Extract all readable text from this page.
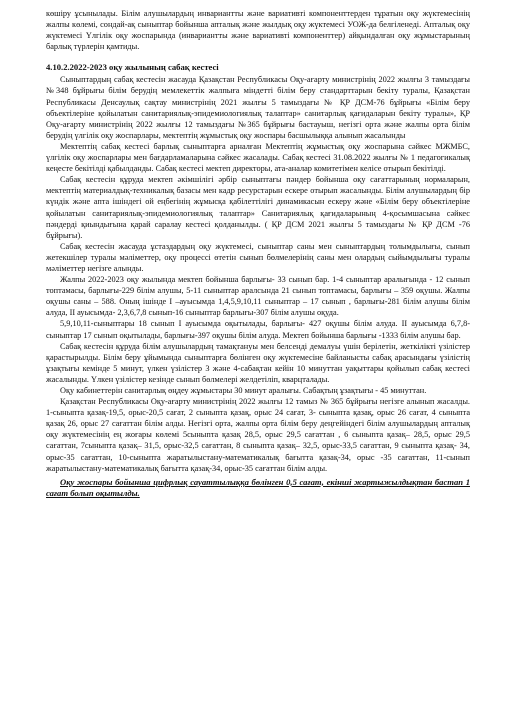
көшіру ұсынылады. Білім алушылардың инвариантты және вариативті компоненттерден тұратын оқу жүктемесінің жалпы көлемі, сондай-ақ сыныптар бойынша апталық және жылдық оқу жүктемесі УОЖ-да белгіленеді. Апталық оқу жүктемесі Үлгілік оқу жоспарында (инвариантты және вариативті компоненттер) айқындалған оқу жұмыстарының барлық түрлерін қамтиды.

4.10.2.2022-2023 оқу жылының сабақ кестесі

Сыныптардың сабақ кестесін жасауда Қазақстан Республикасы Оқу-ағарту министрінің 2022 жылғы 3 тамыздағы №348 бұйрығы білім берудің мемлекеттік жалпыға міндетті білім беру стандарттарын бекіту туралы, Қазақстан Республикасы Денсаулық сақтау министрінің 2021 жылғы 5 тамыздағы № ҚР ДСМ-76 бұйрығы «Білім беру объектілеріне қойылатын санитариялық-эпидемиологиялық талаптар» санитарлық қағидаларын бекіту туралы», ҚР Оқу-ағарту министрінің 2022 жылғы 12 тамыздағы №365 бұйрығы бастауыш, негізгі орта және жалпы орта білім берудің үлгілік оқу жоспарлары, мектептің жұмыстық оқу жоспары басшылыққа алынып жасалынды

Мектептің сабақ кестесі барлық сыныптарға арналған Мектептің жұмыстық оқу жоспарына сәйкес МЖМБС, үлгілік оқу жоспарлары мен бағдарламаларына сәйкес жасалады. Сабақ кестесі 31.08.2022 жылғы № 1 педагогикалық кеңесте бекітілді қабылданды. Сабақ кестесі мектеп директоры, ата-аналар комитетімен келісе отырып бекітілді.

Сабақ кестесін құруда мектеп әкімшілігі әрбір сыныптағы пәндер бойынша оқу сағаттарының нормаларын, мектептің материалдық-техникалық базасы мен кадр ресурстарын ескере отырып жасалынды. Білім алушылардың бір күндік және апта ішіндегі ой еңбегінің жұмысқа қабілеттілігі динамикасын ескеру және «Білім беру объектілеріне қойылатын санитариялық-эпидемиологиялық талаптар» Санитариялық қағидаларының 4-қосымшасына сәйкес пәндерді қиындығына қарай саралау кестесі қолданылды. ( ҚР ДСМ 2021 жылғы 5 тамыздағы № ҚР ДСМ -76 бұйрығы).

Сабақ кестесін жасауда ұстаздардың оқу жүктемесі, сыныптар саны мен сыныптардың толымдылығы, сынып жетекшілер туралы мәліметтер, оқу процессі өтетін сынып бөлмелерінің саны мен олардың сыйымдылығы туралы мәліметтер негізге алынды.

Жалпы 2022-2023 оқу жылында мектеп бойынша барлығы- 33 сынып бар. 1-4 сыныптар аралығында - 12 сынып топтамасы, барлығы-229 білім алушы, 5-11 сыныптар аралсында 21 сынып топтамасы, барлығы – 359 оқушы. Жалпы оқушы саны – 588. Оның ішінде І –ауысымда 1,4,5,9,10,11 сыныптар – 17 сынып , барлығы-281 білім алушы білім алуда, ІІ ауысымда- 2,3,6,7,8 сынып-16 сыныптар барлығы-307 білім алушы оқуда.

5,9,10,11-сыныптары 18 сынып І ауысымда оқытылады, барлығы- 427 оқушы білім алуда. ІІ ауысымда 6,7,8- сыныптар 17 сынып оқытылады, барлығы-397 оқушы білім алуда. Мектеп бойынша барлығы -1333 білім алушы бар.

Сабақ кестесін құруда білім алушылардың тамақтануы мен белсенді демалуы үшін берілетін, жеткілікті үзілістер қарастырылды. Білім беру ұйымында сыныптарға бөлінген оқу жүктемесіне байланысты сабақ арасындағы үзілістің ұзақтығы кемінде 5 минут, үлкен үзілістер 3 және 4-сабақтан кейін 10 минуттан уақыттары қойылып сабақ кестесі жасалынды. Үлкен үзілістер кезінде сынып бөлмелері желдетіліп, кварцталады.

Оқу кабинеттерін санитарлық өңдеу жұмыстары 30 минут аралығы. Сабақтың ұзақтығы - 45 минуттан.

Қазақстан Республикасы Оқу-ағарту министрінің 2022 жылғы 12 тамыз № 365 бұйрығы негізге алынып жасалды. 1-сыныпта қазақ-19,5, орыс-20,5 сағат, 2 сыныпта қазақ, орыс 24 сағат, 3- сыныпта қазақ, орыс 26 сағат, 4 сыныпта қазақ 26, орыс 27 сағаттан білім алды. Негізгі орта, жалпы орта білім беру деңгейіндегі білім алушылардың апталық оқу жүктемесінің ең жоғары көлемі 5сыныпта қазақ 28,5, орыс 29,5 сағаттан , 6 сыныпта қазақ– 28,5, орыс 29,5 сағаттан, 7сыныпта қазақ– 31,5, орыс-32,5 сағаттан, 8 сыныпта қазақ– 32,5, орыс-33,5 сағаттан, 9 сыныпта қазақ- 34, орыс-35 сағаттан, 10-сыныпта жаратылыстану-математикалық бағытта қазақ-34, орыс -35 сағаттан, 11-сынып жаратылыстану-математикалық бағытта қазақ-34, орыс-35 сағаттан білім алды.

Оқу жоспары бойынша цифрлық сауаттылыққа бөлінген 0,5 сағат, екінші жартыжылдықтан бастап 1 сағат болып оқытылды.
